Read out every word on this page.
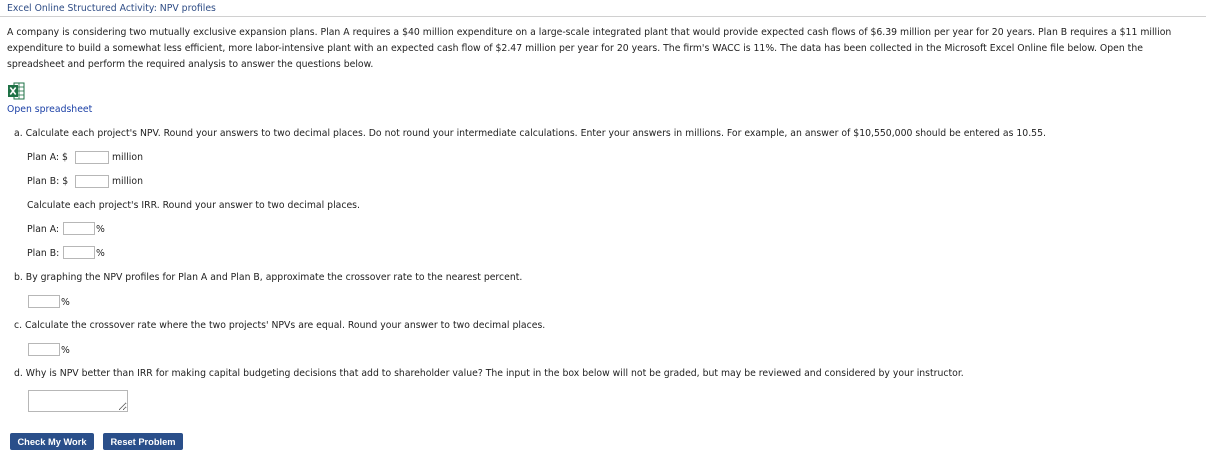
Excel Online Structured Activity: NPV profiles
A company is considering two mutually exclusive expansion plans. Plan A requires a $40 million expenditure on a large-scale integrated plant that would provide expected cash flows of $6.39 million per year for 20 years. Plan B requires a $11 million expenditure to build a somewhat less efficient, more labor-intensive plant with an expected cash flow of $2.47 million per year for 20 years. The firm's WACC is 11%. The data has been collected in the Microsoft Excel Online file below. Open the spreadsheet and perform the required analysis to answer the questions below.
Open spreadsheet
a. Calculate each project's NPV. Round your answers to two decimal places. Do not round your intermediate calculations. Enter your answers in millions. For example, an answer of $10,550,000 should be entered as 10.55.
Plan A: $	million
Plan B: $	million
Calculate each project's IRR. Round your answer to two decimal places.
Plan A:	%
Plan B:	%
b. By graphing the NPV profiles for Plan A and Plan B, approximate the crossover rate to the nearest percent.
%
c. Calculate the crossover rate where the two projects' NPVs are equal. Round your answer to two decimal places.
%
d. Why is NPV better than IRR for making capital budgeting decisions that add to shareholder value? The input in the box below will not be graded, but may be reviewed and considered by your instructor.
Check My Work	Reset Problem
